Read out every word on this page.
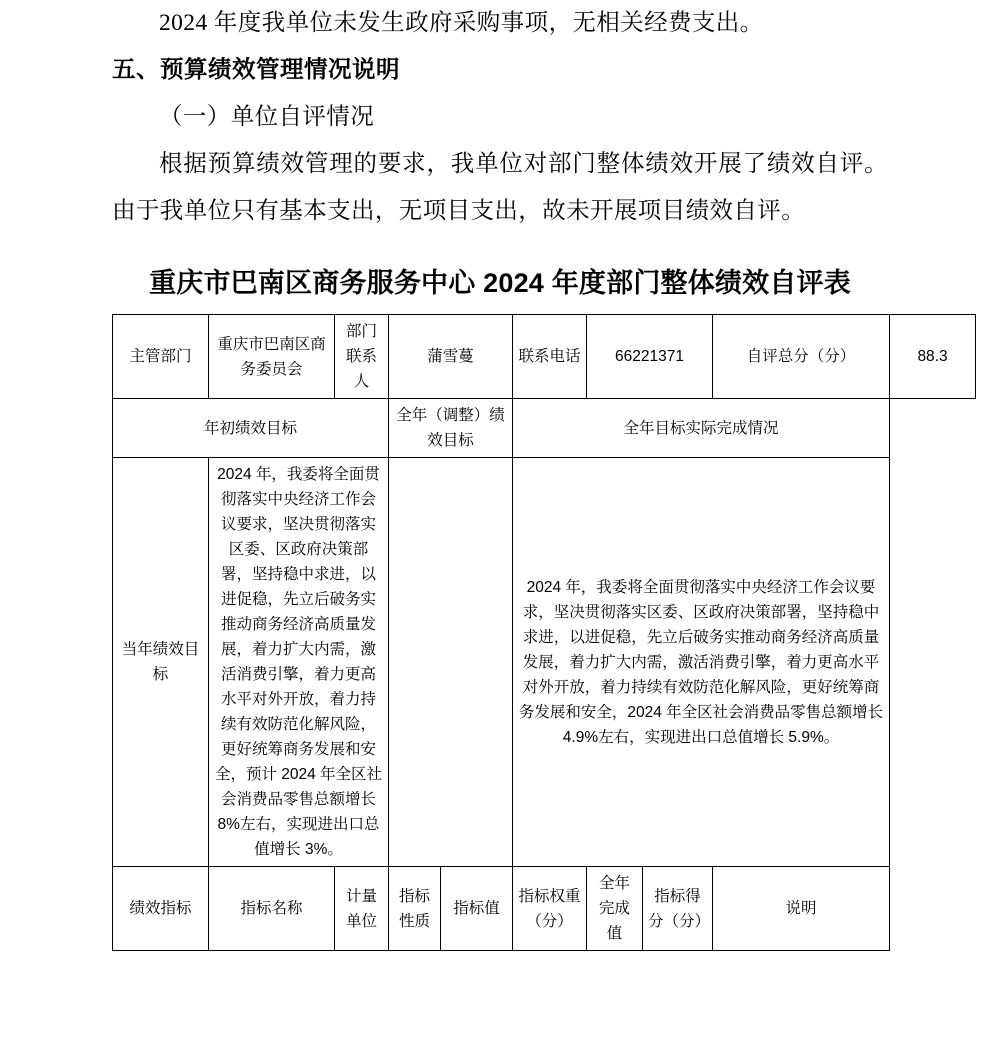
2024 年度我单位未发生政府采购事项，无相关经费支出。

五、预算绩效管理情况说明

（一）单位自评情况

根据预算绩效管理的要求，我单位对部门整体绩效开展了绩效自评。由于我单位只有基本支出，无项目支出，故未开展项目绩效自评。

重庆市巴南区商务服务中心 2024 年度部门整体绩效自评表
主管部门	重庆市巴南区商务委员会	部门联系人	蒲雪蔓		联系电话	66221371		自评总分（分）	88.3
年初绩效目标			全年（调整）绩效目标		全年目标实际完成情况				
当年绩效目标	2024 年，我委将全面贯彻落实中央经济工作会议要求，坚决贯彻落实区委、区政府决策部署，坚持稳中求进，以进促稳，先立后破务实推动商务经济高质量发展，着力扩大内需，激活消费引擎，着力更高水平对外开放，着力持续有效防范化解风险，更好统筹商务发展和安全，预计 2024 年全区社会消费品零售总额增长8%左右，实现进出口总值增长 3%。				2024 年，我委将全面贯彻落实中央经济工作会议要求，坚决贯彻落实区委、区政府决策部署，坚持稳中求进，以进促稳，先立后破务实推动商务经济高质量发展，着力扩大内需，激活消费引擎，着力更高水平对外开放，着力持续有效防范化解风险，更好统筹商务发展和安全，2024 年全区社会消费品零售总额增长 4.9%左右，实现进出口总值增长 5.9%。				
绩效指标	指标名称	计量单位	指标性质	指标值	指标权重（分）	全年完成值	指标得分（分）	说明	
